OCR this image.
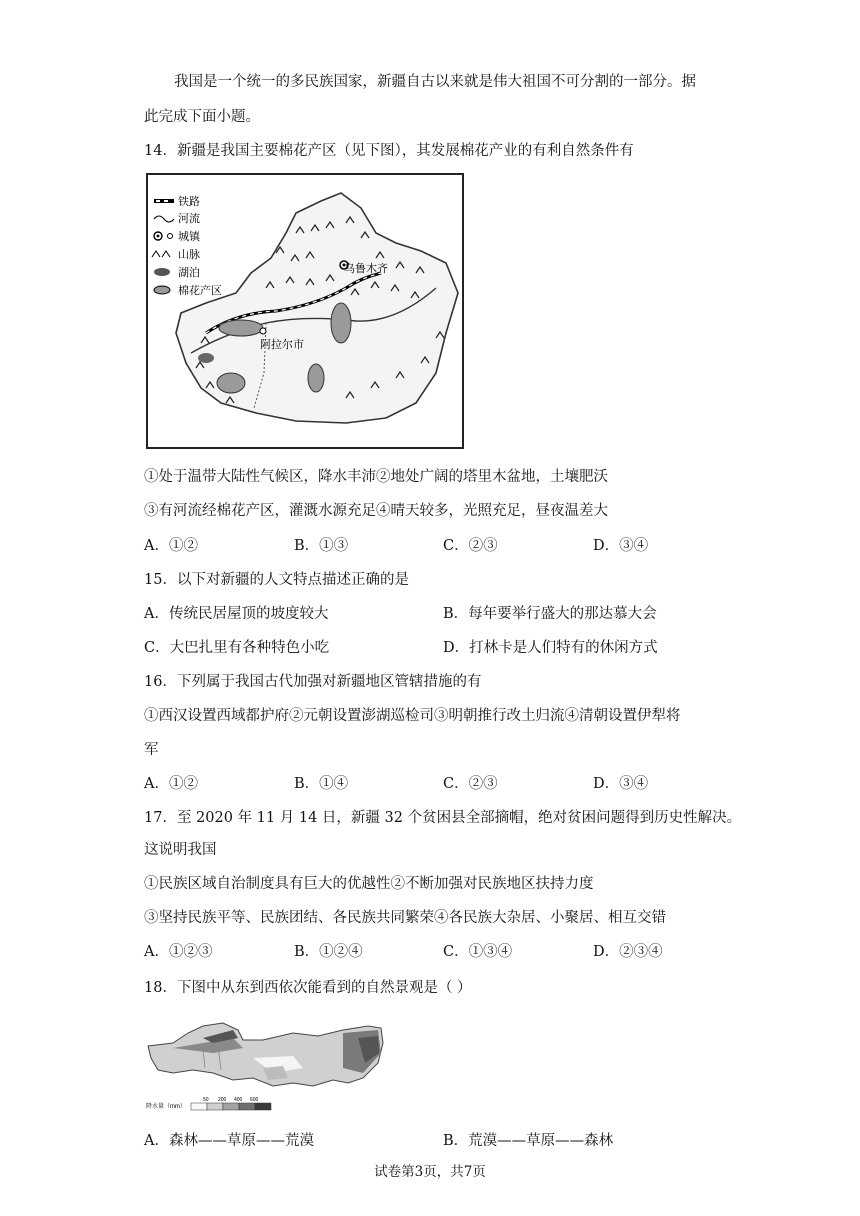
我国是一个统一的多民族国家，新疆自古以来就是伟大祖国不可分割的一部分。据
此完成下面小题。
14．新疆是我国主要棉花产区（见下图），其发展棉花产业的有利自然条件有
乌鲁木齐
阿拉尔市
铁路
河流
城镇
山脉
湖泊
棉花产区
①处于温带大陆性气候区，降水丰沛②地处广阔的塔里木盆地，土壤肥沃
③有河流经棉花产区，灌溉水源充足④晴天较多，光照充足，昼夜温差大
A．①②	B．①③	C．②③	D．③④
15．以下对新疆的人文特点描述正确的是
A．传统民居屋顶的坡度较大	B．每年要举行盛大的那达慕大会
C．大巴扎里有各种特色小吃	D．打林卡是人们特有的休闲方式
16．下列属于我国古代加强对新疆地区管辖措施的有
①西汉设置西域都护府②元朝设置澎湖巡检司③明朝推行改土归流④清朝设置伊犁将
军
A．①②	B．①④	C．②③	D．③④
17．至 2020 年 11 月 14 日，新疆 32 个贫困县全部摘帽，绝对贫困问题得到历史性解决。
这说明我国
①民族区域自治制度具有巨大的优越性②不断加强对民族地区扶持力度
③坚持民族平等、民族团结、各民族共同繁荣④各民族大杂居、小聚居、相互交错
A．①②③	B．①②④	C．①③④	D．②③④
18．下图中从东到西依次能看到的自然景观是（ ）
降水量（mm）
50 200 400 600
A．森林——草原——荒漠	B．荒漠——草原——森林
试卷第3页，共7页
